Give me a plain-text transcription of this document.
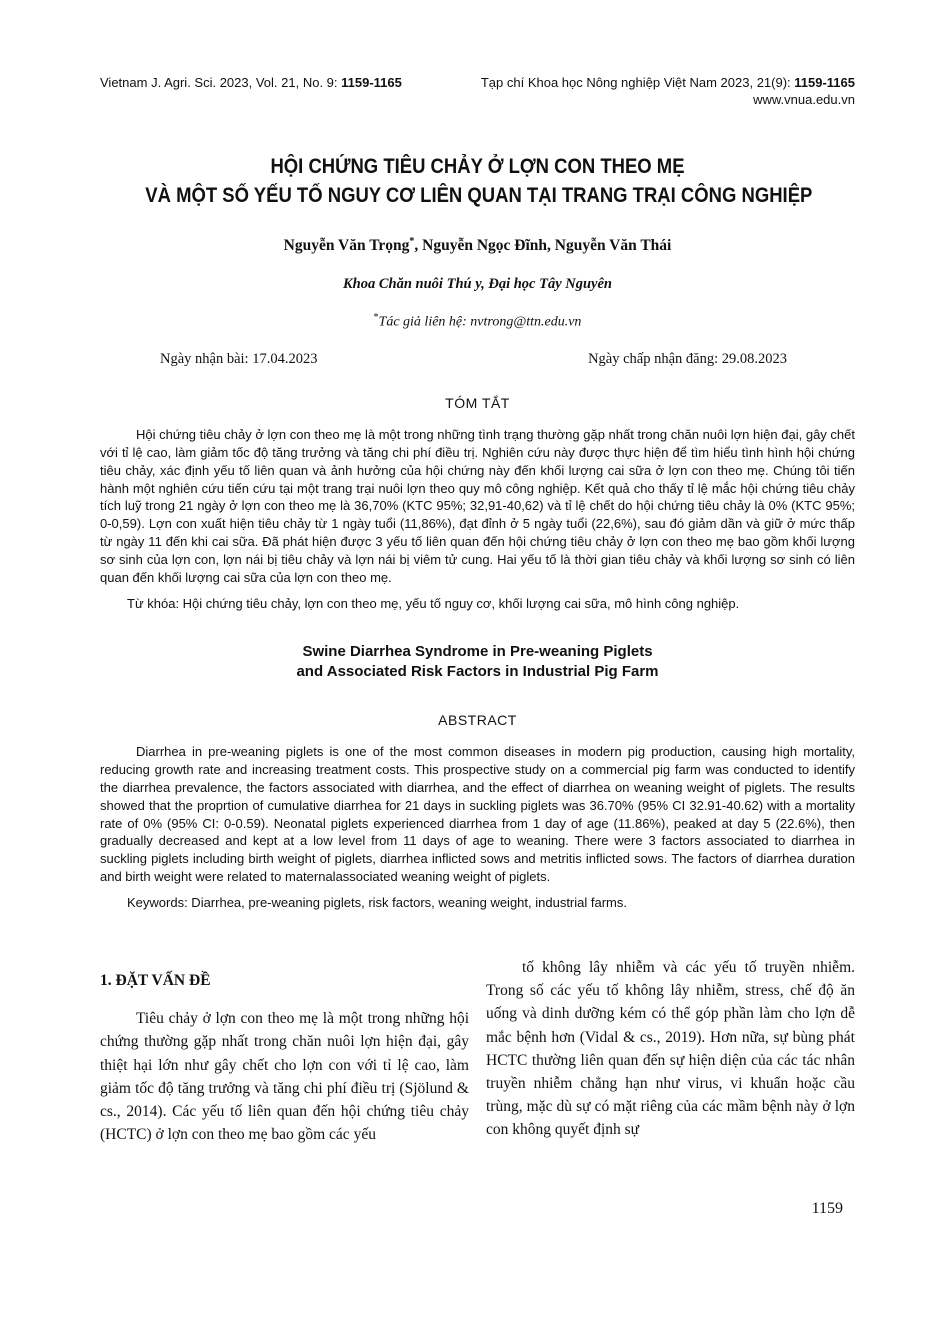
Vietnam J. Agri. Sci. 2023, Vol. 21, No. 9: 1159-1165	Tạp chí Khoa học Nông nghiệp Việt Nam 2023, 21(9): 1159-1165
www.vnua.edu.vn
HỘI CHỨNG TIÊU CHẢY Ở LỢN CON THEO MẸ
VÀ MỘT SỐ YẾU TỐ NGUY CƠ LIÊN QUAN TẠI TRANG TRẠI CÔNG NGHIỆP
Nguyễn Văn Trọng*, Nguyễn Ngọc Đĩnh, Nguyễn Văn Thái
Khoa Chăn nuôi Thú y, Đại học Tây Nguyên
*Tác giả liên hệ: nvtrong@ttn.edu.vn
Ngày nhận bài: 17.04.2023	Ngày chấp nhận đăng: 29.08.2023
TÓM TẮT

Hội chứng tiêu chảy ở lợn con theo mẹ là một trong những tình trạng thường gặp nhất trong chăn nuôi lợn hiện đại, gây chết với tỉ lệ cao, làm giảm tốc độ tăng trưởng và tăng chi phí điều trị. Nghiên cứu này được thực hiện để tìm hiểu tình hình hội chứng tiêu chảy, xác định yếu tố liên quan và ảnh hưởng của hội chứng này đến khối lượng cai sữa ở lợn con theo mẹ. Chúng tôi tiến hành một nghiên cứu tiến cứu tại một trang trại nuôi lợn theo quy mô công nghiệp. Kết quả cho thấy tỉ lệ mắc hội chứng tiêu chảy tích luỹ trong 21 ngày ở lợn con theo mẹ là 36,70% (KTC 95%; 32,91-40,62) và tỉ lệ chết do hội chứng tiêu chảy là 0% (KTC 95%; 0-0,59). Lợn con xuất hiện tiêu chảy từ 1 ngày tuổi (11,86%), đạt đỉnh ở 5 ngày tuổi (22,6%), sau đó giảm dần và giữ ở mức thấp từ ngày 11 đến khi cai sữa. Đã phát hiện được 3 yếu tố liên quan đến hội chứng tiêu chảy ở lợn con theo mẹ bao gồm khối lượng sơ sinh của lợn con, lợn nái bị tiêu chảy và lợn nái bị viêm tử cung. Hai yếu tố là thời gian tiêu chảy và khối lượng sơ sinh có liên quan đến khối lượng cai sữa của lợn con theo mẹ.

Từ khóa: Hội chứng tiêu chảy, lợn con theo mẹ, yếu tố nguy cơ, khối lượng cai sữa, mô hình công nghiệp.

Swine Diarrhea Syndrome in Pre-weaning Piglets
and Associated Risk Factors in Industrial Pig Farm
ABSTRACT

Diarrhea in pre-weaning piglets is one of the most common diseases in modern pig production, causing high mortality, reducing growth rate and increasing treatment costs. This prospective study on a commercial pig farm was conducted to identify the diarrhea prevalence, the factors associated with diarrhea, and the effect of diarrhea on weaning weight of piglets. The results showed that the proprtion of cumulative diarrhea for 21 days in suckling piglets was 36.70% (95% CI 32.91-40.62) with a mortality rate of 0% (95% CI: 0-0.59). Neonatal piglets experienced diarrhea from 1 day of age (11.86%), peaked at day 5 (22.6%), then gradually decreased and kept at a low level from 11 days of age to weaning. There were 3 factors associated to diarrhea in suckling piglets including birth weight of piglets, diarrhea inflicted sows and metritis inflicted sows. The factors of diarrhea duration and birth weight were related to maternalassociated weaning weight of piglets.

Keywords: Diarrhea, pre-weaning piglets, risk factors, weaning weight, industrial farms.

1. ĐẶT VẤN ĐỀ

Tiêu chảy ở lợn con theo mẹ là một trong những hội chứng thường gặp nhất trong chăn nuôi lợn hiện đại, gây thiệt hại lớn như gây chết cho lợn con với tỉ lệ cao, làm giảm tốc độ tăng trưởng và tăng chi phí điều trị (Sjölund & cs., 2014). Các yếu tố liên quan đến hội chứng tiêu chảy (HCTC) ở lợn con theo mẹ bao gồm các yếu

tố không lây nhiễm và các yếu tố truyền nhiễm. Trong số các yếu tố không lây nhiễm, stress, chế độ ăn uống và dinh dưỡng kém có thể góp phần làm cho lợn dễ mắc bệnh hơn (Vidal & cs., 2019). Hơn nữa, sự bùng phát HCTC thường liên quan đến sự hiện diện của các tác nhân truyền nhiễm chẳng hạn như virus, vi khuẩn hoặc cầu trùng, mặc dù sự có mặt riêng của các mầm bệnh này ở lợn con không quyết định sự

1159
